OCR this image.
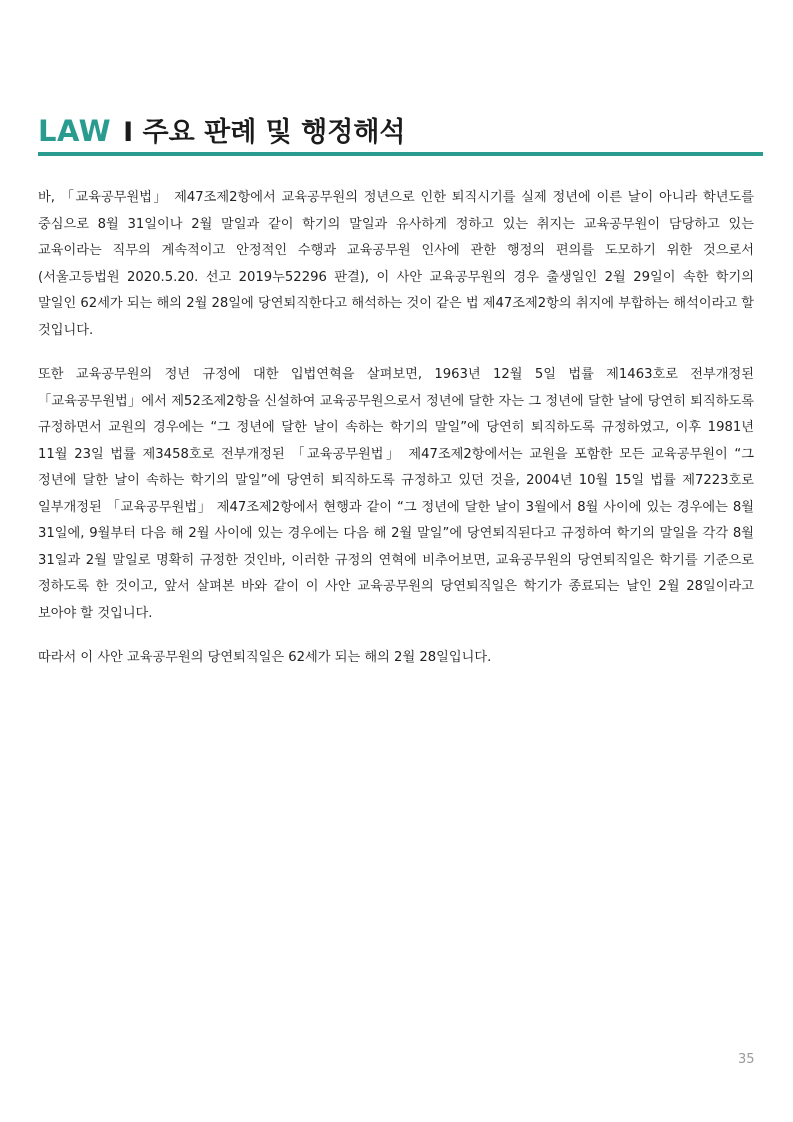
LAW I 주요 판례 및 행정해석

바, 「교육공무원법」 제47조제2항에서 교육공무원의 정년으로 인한 퇴직시기를 실제 정년에 이른 날이 아니라 학년도를 중심으로 8월 31일이나 2월 말일과 같이 학기의 말일과 유사하게 정하고 있는 취지는 교육공무원이 담당하고 있는 교육이라는 직무의 계속적이고 안정적인 수행과 교육공무원 인사에 관한 행정의 편의를 도모하기 위한 것으로서(서울고등법원 2020.5.20. 선고 2019누52296 판결), 이 사안 교육공무원의 경우 출생일인 2월 29일이 속한 학기의 말일인 62세가 되는 해의 2월 28일에 당연퇴직한다고 해석하는 것이 같은 법 제47조제2항의 취지에 부합하는 해석이라고 할 것입니다.

또한 교육공무원의 정년 규정에 대한 입법연혁을 살펴보면, 1963년 12월 5일 법률 제1463호로 전부개정된 「교육공무원법」에서 제52조제2항을 신설하여 교육공무원으로서 정년에 달한 자는 그 정년에 달한 날에 당연히 퇴직하도록 규정하면서 교원의 경우에는 “그 정년에 달한 날이 속하는 학기의 말일”에 당연히 퇴직하도록 규정하였고, 이후 1981년 11월 23일 법률 제3458호로 전부개정된 「교육공무원법」 제47조제2항에서는 교원을 포함한 모든 교육공무원이 “그 정년에 달한 날이 속하는 학기의 말일”에 당연히 퇴직하도록 규정하고 있던 것을, 2004년 10월 15일 법률 제7223호로 일부개정된 「교육공무원법」 제47조제2항에서 현행과 같이 “그 정년에 달한 날이 3월에서 8월 사이에 있는 경우에는 8월 31일에, 9월부터 다음 해 2월 사이에 있는 경우에는 다음 해 2월 말일”에 당연퇴직된다고 규정하여 학기의 말일을 각각 8월 31일과 2월 말일로 명확히 규정한 것인바, 이러한 규정의 연혁에 비추어보면, 교육공무원의 당연퇴직일은 학기를 기준으로 정하도록 한 것이고, 앞서 살펴본 바와 같이 이 사안 교육공무원의 당연퇴직일은 학기가 종료되는 날인 2월 28일이라고 보아야 할 것입니다.

따라서 이 사안 교육공무원의 당연퇴직일은 62세가 되는 해의 2월 28일입니다.

35
